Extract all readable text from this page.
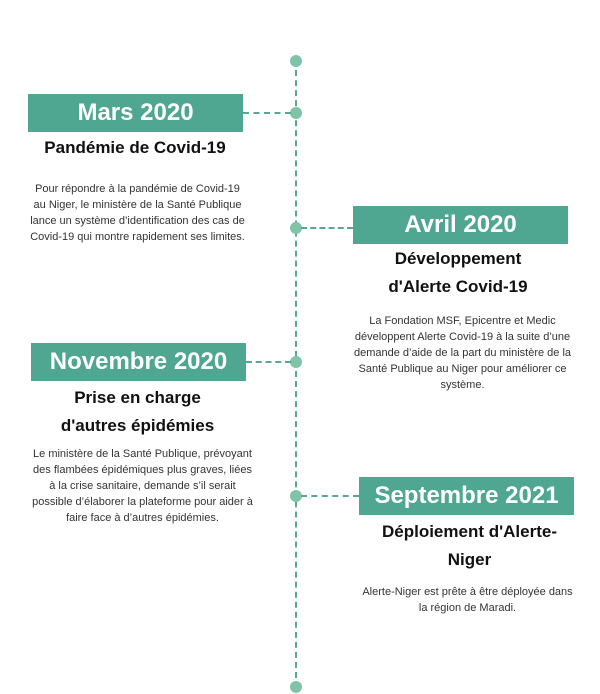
Mars 2020
Pandémie de Covid-19
Pour répondre à la pandémie de Covid-19 au Niger, le ministère de la Santé Publique lance un système d’identification des cas de Covid-19 qui montre rapidement ses limites.	Avril 2020
Développement d'Alerte Covid-19
La Fondation MSF, Epicentre et Medic développent Alerte Covid-19 à la suite d’une demande d’aide de la part du ministère de la Santé Publique au Niger pour améliorer ce système.
Novembre 2020
Prise en charge d'autres épidémies
Le ministère de la Santé Publique, prévoyant des flambées épidémiques plus graves, liées à la crise sanitaire, demande s’il serait possible d’élaborer la plateforme pour aider à faire face à d’autres épidémies.
Septembre 2021
Déploiement d'Alerte-Niger
Alerte-Niger est prête à être déployée dans la région de Maradi.
